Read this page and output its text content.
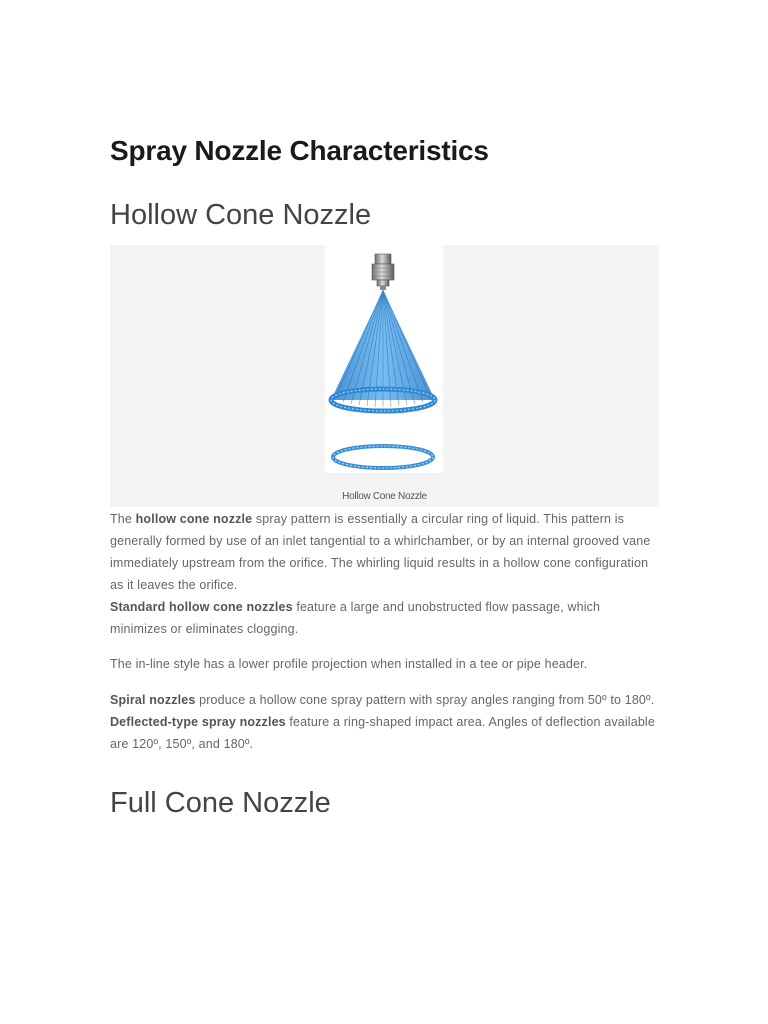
Spray Nozzle Characteristics
Hollow Cone Nozzle
Hollow Cone Nozzle

The hollow cone nozzle spray pattern is essentially a circular ring of liquid. This pattern is generally formed by use of an inlet tangential to a whirlchamber, or by an internal grooved vane immediately upstream from the orifice. The whirling liquid results in a hollow cone configuration as it leaves the orifice.
Standard hollow cone nozzles feature a large and unobstructed flow passage, which minimizes or eliminates clogging.

The in-line style has a lower profile projection when installed in a tee or pipe header.

Spiral nozzles produce a hollow cone spray pattern with spray angles ranging from 50º to 180º.
Deflected-type spray nozzles feature a ring-shaped impact area. Angles of deflection available are 120º, 150º, and 180º.

Full Cone Nozzle
